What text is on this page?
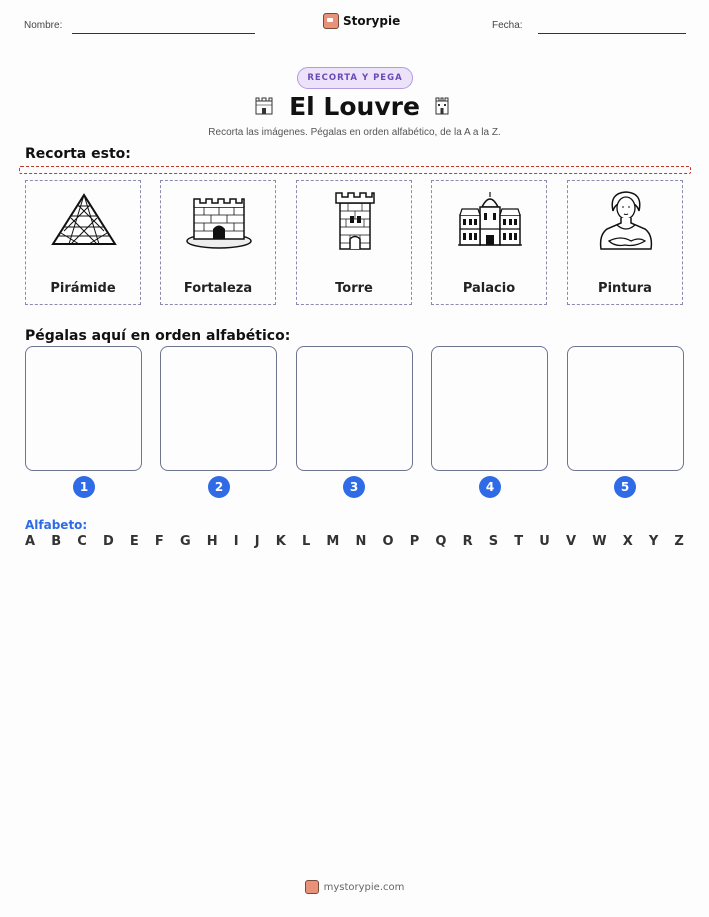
Nombre:	Storypie	Fecha:
RECORTA Y PEGA
El Louvre
Recorta las imágenes. Pégalas en orden alfabético, de la A a la Z.
Recorta esto:
Pirámide	Fortaleza	Torre	Palacio	Pintura
Pégalas aquí en orden alfabético:
1	2	3	4	5
Alfabeto:
A B C D E F G H I J K L M N O P Q R S T U V W X Y Z
mystorypie.com
